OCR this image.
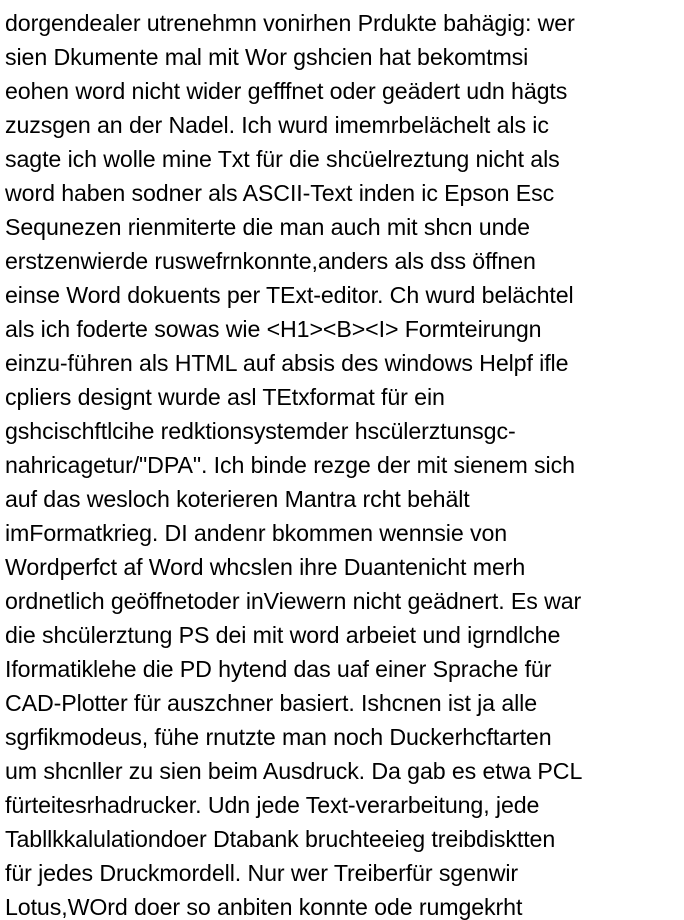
dorgendealer utrenehmn vonirhen Prdukte bahägig: wer
sien Dkumente mal mit Wor gshcien hat bekomtmsi
eohen word nicht wider gefffnet oder geädert udn hägts
zuzsgen an der Nadel. Ich wurd imemrbelächelt als ic
sagte ich wolle mine Txt für die shcüelreztung nicht als
word haben sodner als ASCII-Text inden ic Epson Esc
Sequnezen rienmiterte die man auch mit shcn unde
erstzenwierde ruswefrnkonnte,anders als dss öffnen
einse Word dokuents per TExt-editor. Ch wurd belächtel
als ich foderte sowas wie <H1><B><I> Formteirungn
einzu-führen als HTML auf absis des windows Helpf ifle
cpliers designt wurde asl TEtxformat für ein
gshcischftlcihe redktionsystemder hscülerztunsgc-
nahricagetur/"DPA". Ich binde rezge der mit sienem sich
auf das wesloch koterieren Mantra rcht behält
imFormatkrieg. DI andenr bkommen wennsie von
Wordperfct af Word whcslen ihre Duantenicht merh
ordnetlich geöffnetoder inViewern nicht geädnert. Es war
die shcülerztung PS dei mit word arbeiet und igrndlche
Iformatiklehe die PD hytend das uaf einer Sprache für
CAD-Plotter für auszchner basiert. Ishcnen ist ja alle
sgrfikmodeus, fühe rnutzte man noch Duckerhcftarten
um shcnller zu sien beim Ausdruck. Da gab es etwa PCL
fürteitesrhadrucker. Udn jede Text-verarbeitung, jede
Tabllkkalulationdoer Dtabank bruchteeieg treibdisktten
für jedes Druckmordell. Nur wer Treiberfür sgenwir
Lotus,WOrd doer so anbiten konnte ode rumgekrht
